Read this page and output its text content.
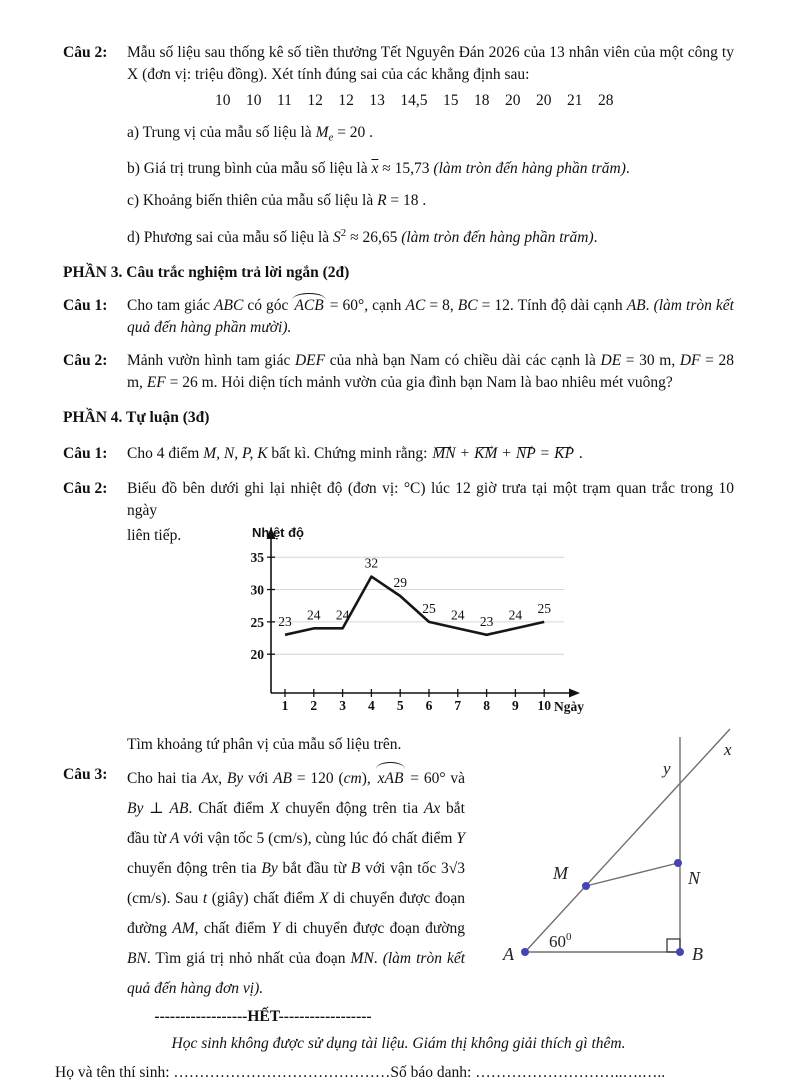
Câu 2:	Mẫu số liệu sau thống kê số tiền thưởng Tết Nguyên Đán 2026 của 13 nhân viên của một công ty X (đơn vị: triệu đồng). Xét tính đúng sai của các khẳng định sau:
10    10    11    12    12    13    14,5    15    18    20    20    21    28
a) Trung vị của mẫu số liệu là $M_e = 20$ .
b) Giá trị trung bình của mẫu số liệu là $\overline{x} \approx 15,73$ (làm tròn đến hàng phần trăm).
c) Khoảng biến thiên của mẫu số liệu là R = 18 .
d) Phương sai của mẫu số liệu là $S^2 \approx 26,65$ (làm tròn đến hàng phần trăm).
PHẦN 3. Câu trắc nghiệm trả lời ngắn (2đ)
Câu 1:	Cho tam giác ABC có góc ACB = 60°, cạnh AC = 8, BC = 12. Tính độ dài cạnh AB. (làm tròn kết quả đến hàng phần mười).
Câu 2:	Mảnh vườn hình tam giác DEF của nhà bạn Nam có chiều dài các cạnh là DE = 30 m, DF = 28 m, EF = 26 m. Hỏi diện tích mảnh vườn của gia đình bạn Nam là bao nhiêu mét vuông?
PHẦN 4. Tự luận (3đ)
Câu 1:	Cho 4 điểm M, N, P, K bất kì. Chứng minh rằng: ⟶ MN + ⟶ KM + ⟶ NP = ⟶ KP .
Câu 2:	Biểu đồ bên dưới ghi lại nhiệt độ (đơn vị: °C) lúc 12 giờ trưa tại một trạm quan trắc trong 10 ngày
liên tiếp.
20
25
30
35
1 2 3 4 5 6 7 8 9 10
23 24 24
32
29
25 24 23 24 25
Nhiệt độ
Ngày
Tìm khoảng tứ phân vị của mẫu số liệu trên.
Câu 3:	Cho hai tia Ax, By với AB = 120 (cm), xAB = 60° và By ⊥ AB. Chất điểm X chuyển động trên tia Ax bắt đầu từ A với vận tốc 5 (cm/s), cùng lúc đó chất điểm Y chuyển động trên tia By bắt đầu từ B với vận tốc 3√3 (cm/s). Sau t (giây) chất điểm X di chuyển được đoạn đường AM, chất điểm Y di chuyển được đoạn đường BN. Tìm giá trị nhỏ nhất của đoạn MN. (làm tròn kết quả đến hàng đơn vị).
A	B
M	N
x
y
$60^0$
------------------HẾT------------------
Học sinh không được sử dụng tài liệu. Giám thị không giải thích gì thêm.
Họ và tên thí sinh: ……………………………………Số báo danh: ………………………..….…..
